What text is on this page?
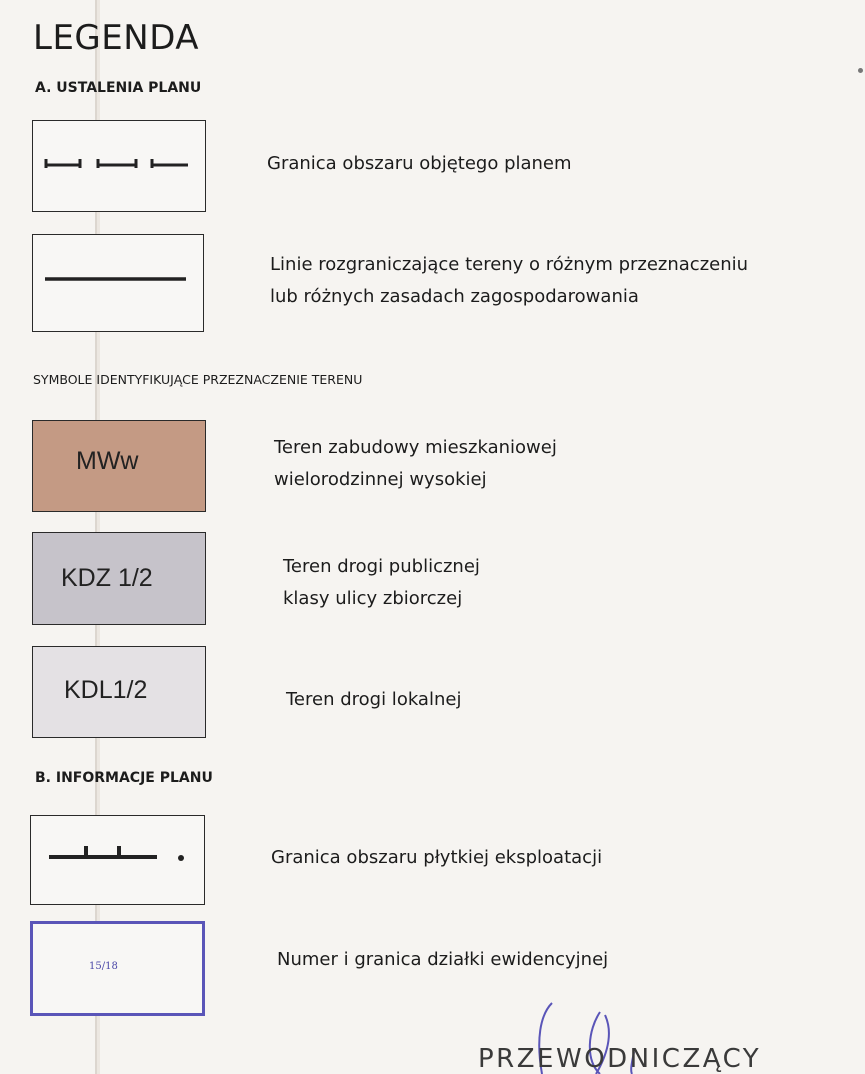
LEGENDA
A. USTALENIA PLANU
Granica obszaru objętego planem
Linie rozgraniczające tereny o różnym przeznaczeniu
lub różnych zasadach zagospodarowania
SYMBOLE IDENTYFIKUJĄCE PRZEZNACZENIE TERENU
MWw	Teren zabudowy mieszkaniowej
wielorodzinnej wysokiej
KDZ 1/2	Teren drogi publicznej
klasy ulicy zbiorczej
KDL1/2	Teren drogi lokalnej
B. INFORMACJE PLANU
Granica obszaru płytkiej eksploatacji
15/18	Numer i granica działki ewidencyjnej
PRZEWODNICZĄCY
